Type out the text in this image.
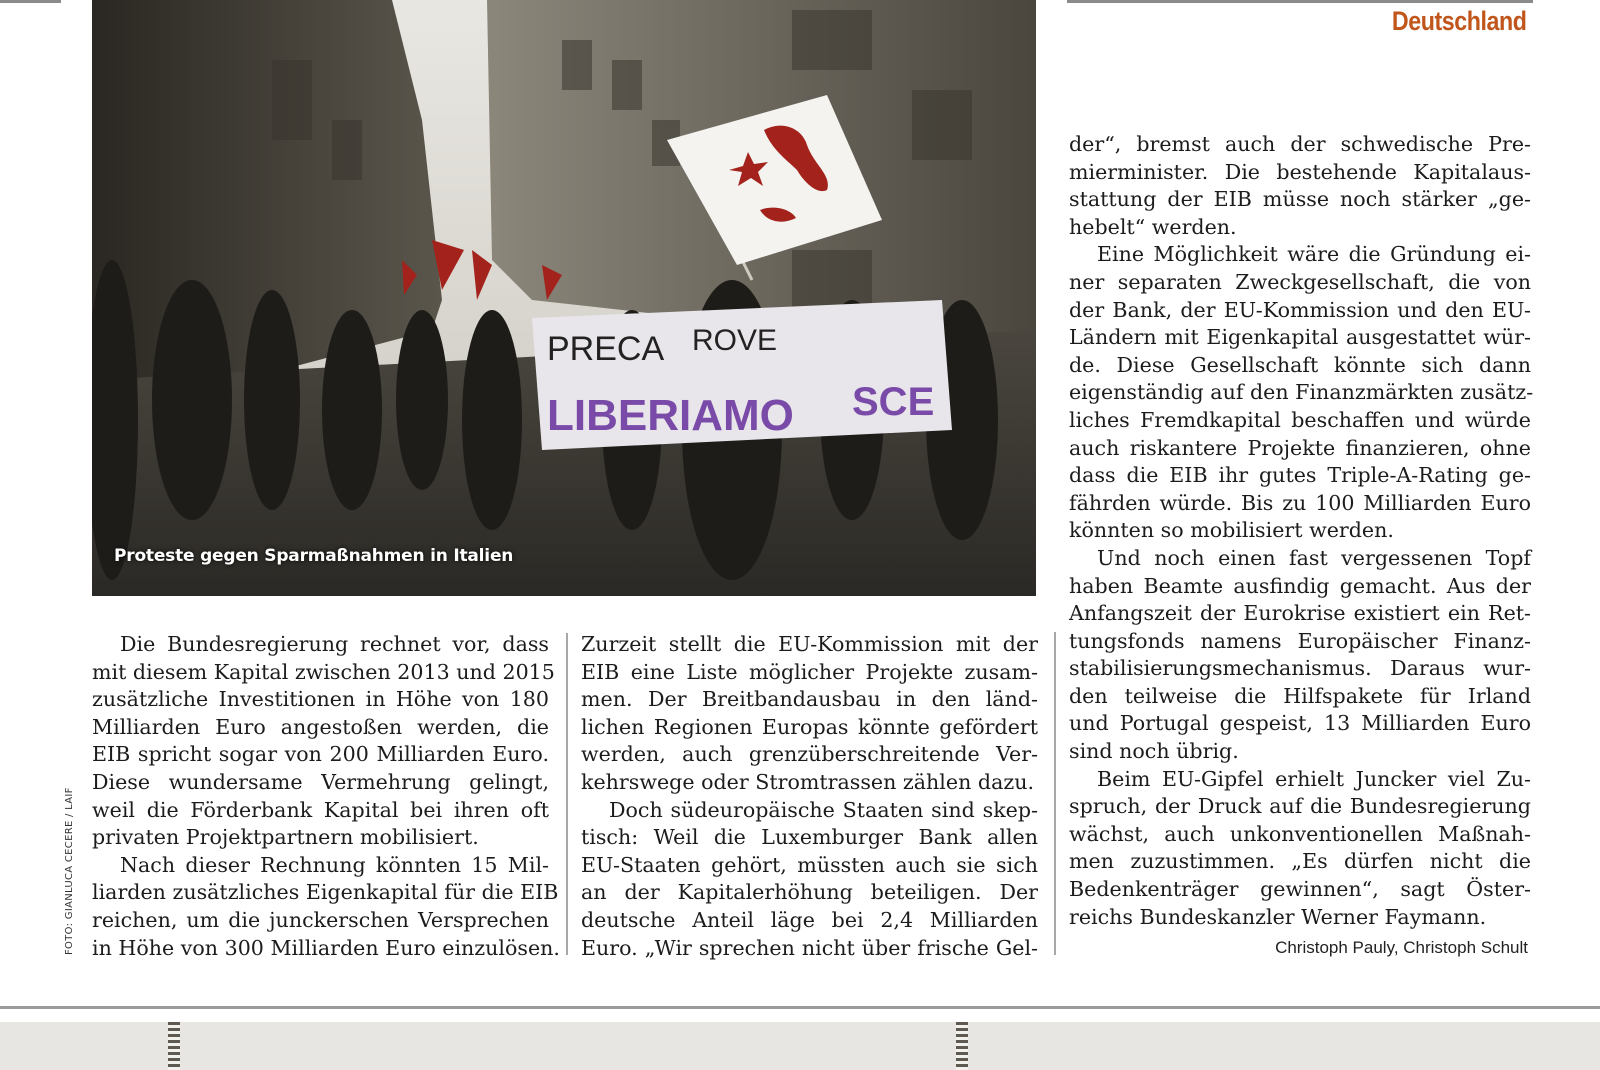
Deutschland
PRECA ROVE
LIBERIAMO SCE
Proteste gegen Sparmaßnahmen in Italien
FOTO: GIANLUCA CECERE / LAIF
Die Bundesregierung rechnet vor, dass
mit diesem Kapital zwischen 2013 und 2015
zusätzliche Investitionen in Höhe von 180
Milliarden Euro angestoßen werden, die
EIB spricht sogar von 200 Milliarden Euro.
Diese wundersame Vermehrung gelingt,
weil die Förderbank Kapital bei ihren oft
privaten Projektpartnern mobilisiert.
Nach dieser Rechnung könnten 15 Mil-
liarden zusätzliches Eigenkapital für die EIB
reichen, um die junckerschen Versprechen
in Höhe von 300 Milliarden Euro einzulösen.
Zurzeit stellt die EU-Kommission mit der
EIB eine Liste möglicher Projekte zusam-
men. Der Breitbandausbau in den länd-
lichen Regionen Europas könnte gefördert
werden, auch grenzüberschreitende Ver-
kehrswege oder Stromtrassen zählen dazu.
Doch südeuropäische Staaten sind skep-
tisch: Weil die Luxemburger Bank allen
EU-Staaten gehört, müssten auch sie sich
an der Kapitalerhöhung beteiligen. Der
deutsche Anteil läge bei 2,4 Milliarden
Euro. „Wir sprechen nicht über frische Gel-
der“, bremst auch der schwedische Pre-
mierminister. Die bestehende Kapitalaus-
stattung der EIB müsse noch stärker „ge-
hebelt“ werden.
Eine Möglichkeit wäre die Gründung ei-
ner separaten Zweckgesellschaft, die von
der Bank, der EU-Kommission und den EU-
Ländern mit Eigenkapital ausgestattet wür-
de. Diese Gesellschaft könnte sich dann
eigenständig auf den Finanzmärkten zusätz-
liches Fremdkapital beschaffen und würde
auch riskantere Projekte finanzieren, ohne
dass die EIB ihr gutes Triple-A-Rating ge-
fährden würde. Bis zu 100 Milliarden Euro
könnten so mobilisiert werden.
Und noch einen fast vergessenen Topf
haben Beamte ausfindig gemacht. Aus der
Anfangszeit der Eurokrise existiert ein Ret-
tungsfonds namens Europäischer Finanz-
stabilisierungsmechanismus. Daraus wur-
den teilweise die Hilfspakete für Irland
und Portugal gespeist, 13 Milliarden Euro
sind noch übrig.
Beim EU-Gipfel erhielt Juncker viel Zu-
spruch, der Druck auf die Bundesregierung
wächst, auch unkonventionellen Maßnah-
men zuzustimmen. „Es dürfen nicht die
Bedenkenträger gewinnen“, sagt Öster-
reichs Bundeskanzler Werner Faymann.
Christoph Pauly, Christoph Schult
